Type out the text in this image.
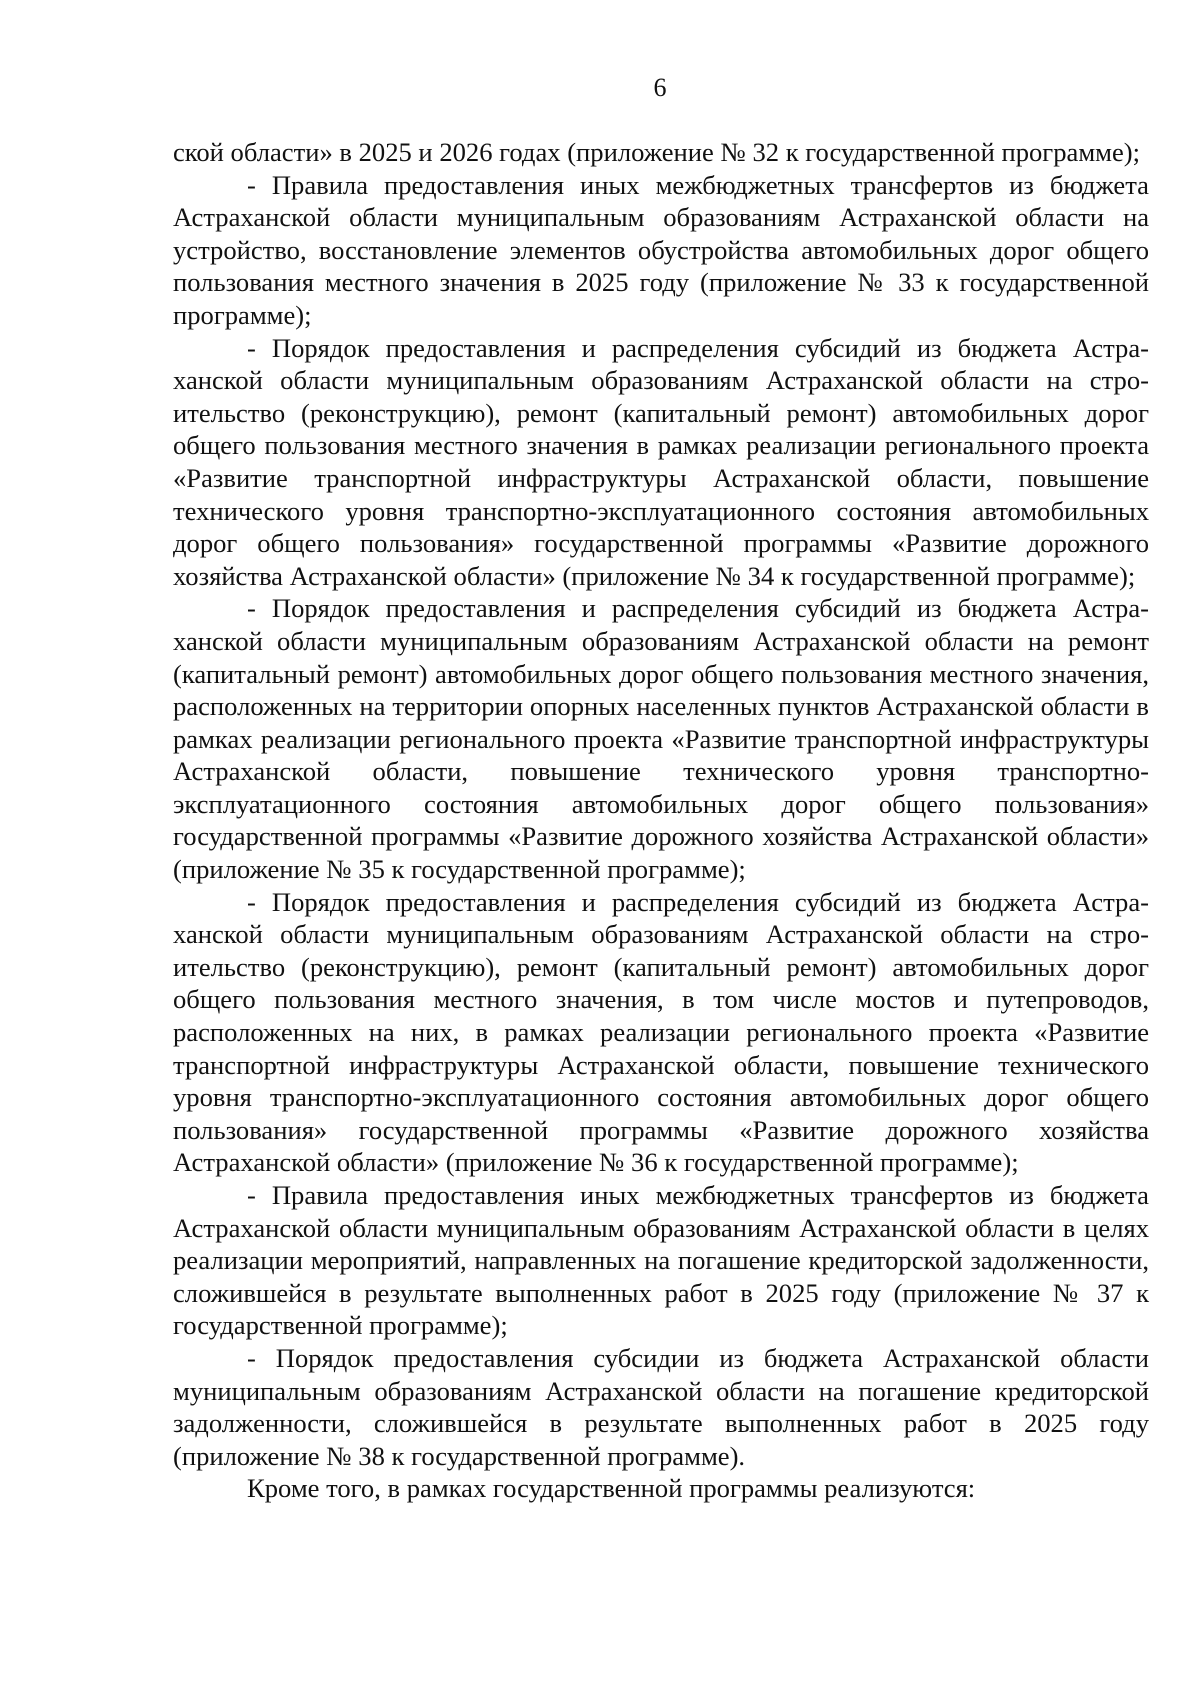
6

ской области» в 2025 и 2026 годах (приложение № 32 к государственной программе);

- Правила предоставления иных межбюджетных трансфертов из бюджета Астраханской области муниципальным образованиям Астраханской области на устройство, восстановление элементов обустройства автомобильных дорог общего пользования местного значения в 2025 году (приложение № 33 к государственной программе);

- Порядок предоставления и распределения субсидий из бюджета Астраханской области муниципальным образованиям Астраханской области на строительство (реконструкцию), ремонт (капитальный ремонт) автомобильных дорог общего пользования местного значения в рамках реализации регионального проекта «Развитие транспортной инфраструктуры Астраханской области, повышение технического уровня транспортно-эксплуатационного состояния автомобильных дорог общего пользования» государственной программы «Развитие дорожного хозяйства Астраханской области» (приложение № 34 к государственной программе);

- Порядок предоставления и распределения субсидий из бюджета Астраханской области муниципальным образованиям Астраханской области на ремонт (капитальный ремонт) автомобильных дорог общего пользования местного значения, расположенных на территории опорных населенных пунктов Астраханской области в рамках реализации регионального проекта «Развитие транспортной инфраструктуры Астраханской области, повышение технического уровня транспортно-эксплуатационного состояния автомобильных дорог общего пользования» государственной программы «Развитие дорожного хозяйства Астраханской области» (приложение № 35 к государственной программе);

- Порядок предоставления и распределения субсидий из бюджета Астраханской области муниципальным образованиям Астраханской области на строительство (реконструкцию), ремонт (капитальный ремонт) автомобильных дорог общего пользования местного значения, в том числе мостов и путепроводов, расположенных на них, в рамках реализации регионального проекта «Развитие транспортной инфраструктуры Астраханской области, повышение технического уровня транспортно-эксплуатационного состояния автомобильных дорог общего пользования» государственной программы «Развитие дорожного хозяйства Астраханской области» (приложение № 36 к государственной программе);

- Правила предоставления иных межбюджетных трансфертов из бюджета Астраханской области муниципальным образованиям Астраханской области в целях реализации мероприятий, направленных на погашение кредиторской задолженности, сложившейся в результате выполненных работ в 2025 году (приложение № 37 к государственной программе);

- Порядок предоставления субсидии из бюджета Астраханской области муниципальным образованиям Астраханской области на погашение кредиторской задолженности, сложившейся в результате выполненных работ в 2025 году (приложение № 38 к государственной программе).

Кроме того, в рамках государственной программы реализуются:
